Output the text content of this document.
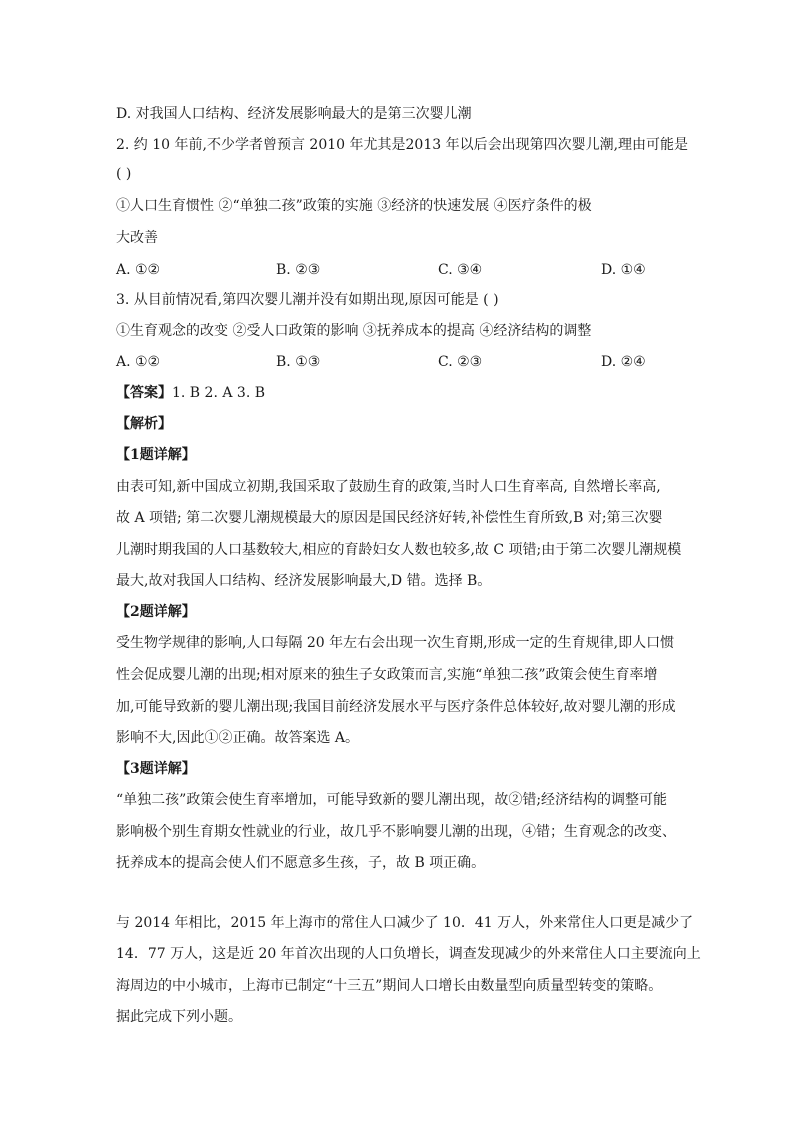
D. 对我国人口结构、经济发展影响最大的是第三次婴儿潮
2. 约 10 年前,不少学者曾预言 2010 年尤其是2013 年以后会出现第四次婴儿潮,理由可能是
( )
①人口生育惯性 ②“单独二孩”政策的实施 ③经济的快速发展 ④医疗条件的极
大改善
A. ①②	B. ②③	C. ③④	D. ①④
3. 从目前情况看,第四次婴儿潮并没有如期出现,原因可能是 ( )
①生育观念的改变 ②受人口政策的影响 ③抚养成本的提高 ④经济结构的调整
A. ①②	B. ①③	C. ②③	D. ②④
【答案】1. B 2. A 3. B
【解析】
【1题详解】
由表可知,新中国成立初期,我国采取了鼓励生育的政策,当时人口生育率高, 自然增长率高,
故 A 项错; 第二次婴儿潮规模最大的原因是国民经济好转,补偿性生育所致,B 对;第三次婴
儿潮时期我国的人口基数较大,相应的育龄妇女人数也较多,故 C 项错;由于第二次婴儿潮规模
最大,故对我国人口结构、经济发展影响最大,D 错。选择 B。
【2题详解】
受生物学规律的影响,人口每隔 20 年左右会出现一次生育期,形成一定的生育规律,即人口惯
性会促成婴儿潮的出现;相对原来的独生子女政策而言,实施“单独二孩”政策会使生育率增
加,可能导致新的婴儿潮出现;我国目前经济发展水平与医疗条件总体较好,故对婴儿潮的形成
影响不大,因此①②正确。故答案选 A。
【3题详解】
“单独二孩”政策会使生育率增加，可能导致新的婴儿潮出现，故②错;经济结构的调整可能
影响极个别生育期女性就业的行业，故几乎不影响婴儿潮的出现，④错；生育观念的改变、
抚养成本的提高会使人们不愿意多生孩，子，故 B 项正确。
与 2014 年相比，2015 年上海市的常住人口减少了 10．41 万人，外来常住人口更是减少了
14．77 万人，这是近 20 年首次出现的人口负增长，调查发现减少的外来常住人口主要流向上
海周边的中小城市，上海市已制定“十三五”期间人口增长由数量型向质量型转变的策略。
据此完成下列小题。
